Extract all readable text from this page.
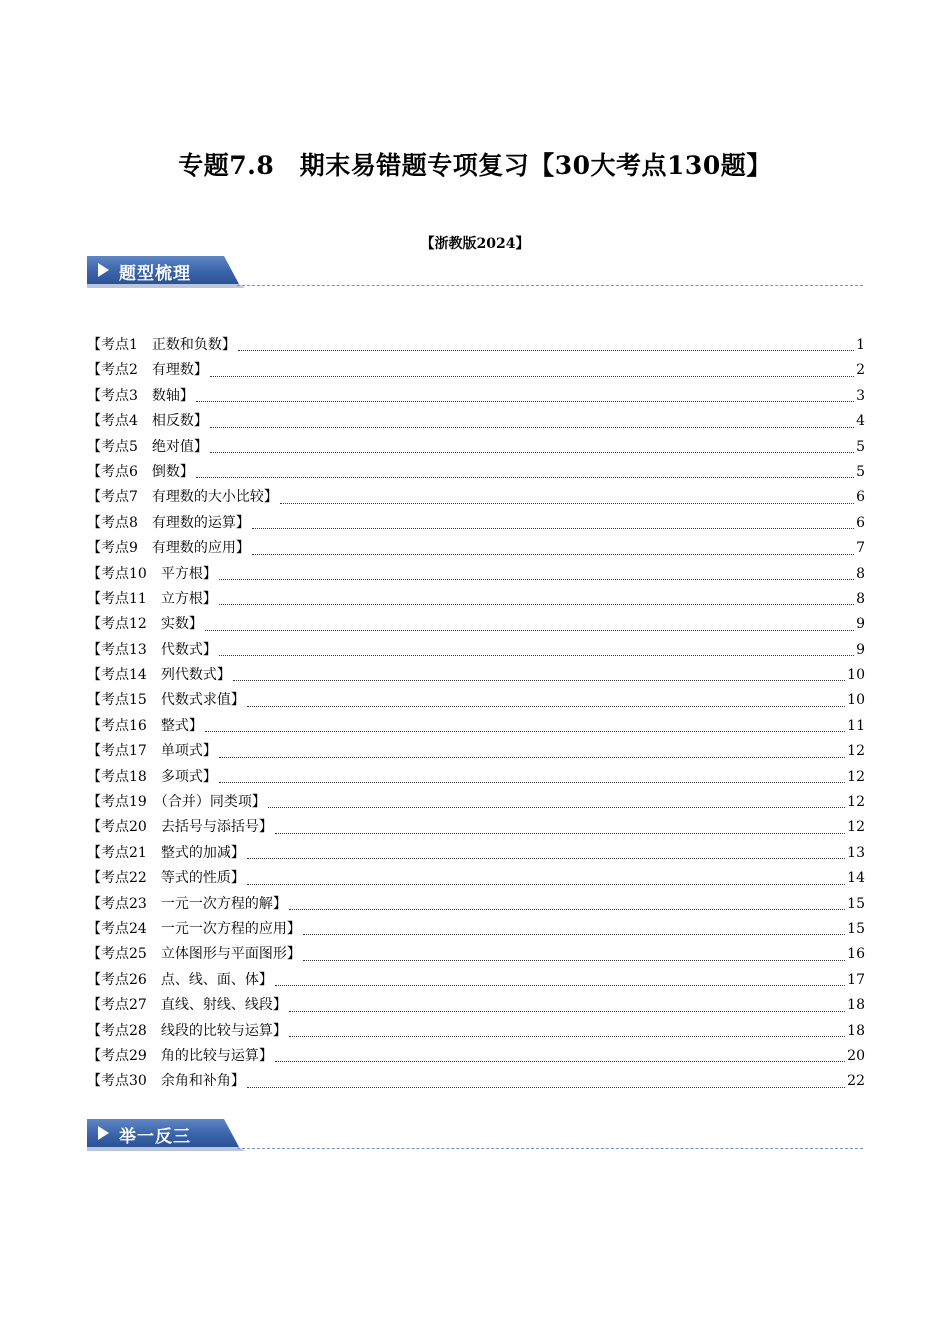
专题7.8　期末易错题专项复习【30大考点130题】
【浙教版2024】
题型梳理
【考点1　正数和负数】	1
【考点2　有理数】	2
【考点3　数轴】	3
【考点4　相反数】	4
【考点5　绝对值】	5
【考点6　倒数】	5
【考点7　有理数的大小比较】	6
【考点8　有理数的运算】	6
【考点9　有理数的应用】	7
【考点10　平方根】	8
【考点11　立方根】	8
【考点12　实数】	9
【考点13　代数式】	9
【考点14　列代数式】	10
【考点15　代数式求值】	10
【考点16　整式】	11
【考点17　单项式】	12
【考点18　多项式】	12
【考点19　（合并）同类项】	12
【考点20　去括号与添括号】	12
【考点21　整式的加减】	13
【考点22　等式的性质】	14
【考点23　一元一次方程的解】	15
【考点24　一元一次方程的应用】	15
【考点25　立体图形与平面图形】	16
【考点26　点、线、面、体】	17
【考点27　直线、射线、线段】	18
【考点28　线段的比较与运算】	18
【考点29　角的比较与运算】	20
【考点30　余角和补角】	22
举一反三
